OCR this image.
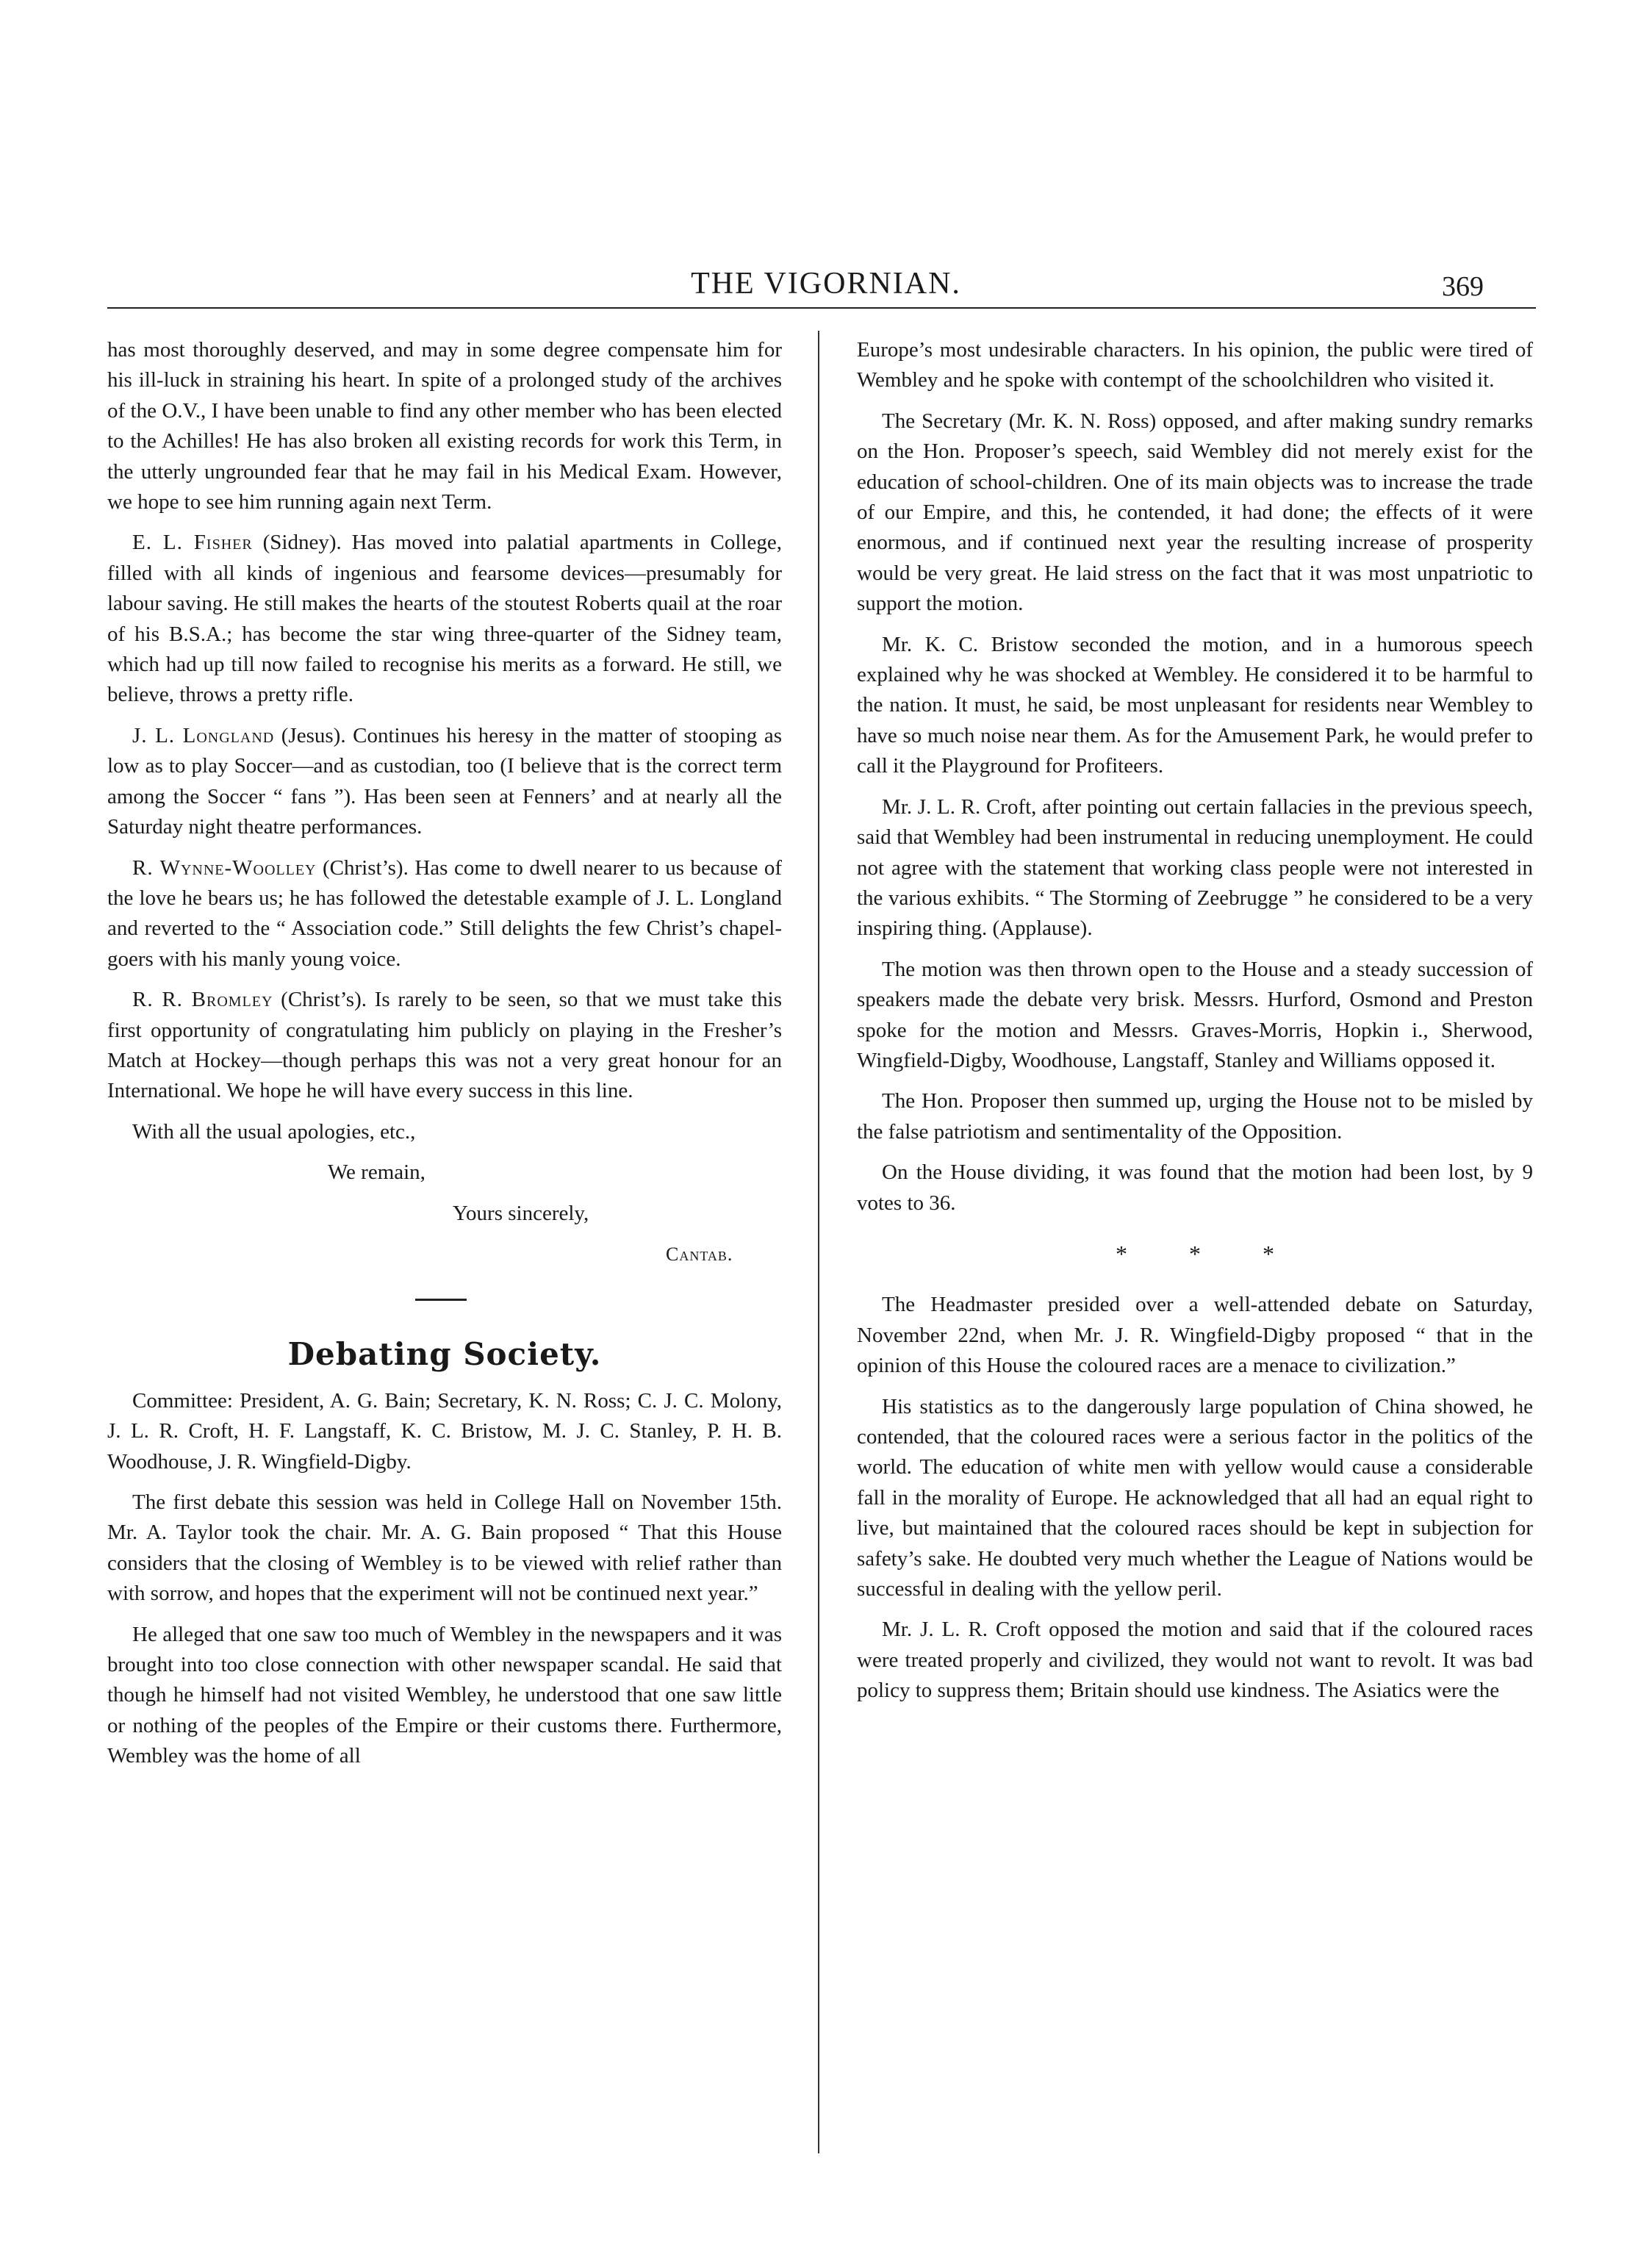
THE VIGORNIAN.	369

has most thoroughly deserved, and may in some degree compensate him for his ill-luck in straining his heart. In spite of a prolonged study of the archives of the O.V., I have been unable to find any other member who has been elected to the Achilles! He has also broken all existing records for work this Term, in the utterly ungrounded fear that he may fail in his Medical Exam. However, we hope to see him running again next Term.

E. L. Fisher (Sidney). Has moved into palatial apartments in College, filled with all kinds of ingenious and fearsome devices—presumably for labour saving. He still makes the hearts of the stoutest Roberts quail at the roar of his B.S.A.; has become the star wing three-quarter of the Sidney team, which had up till now failed to recognise his merits as a forward. He still, we believe, throws a pretty rifle.

J. L. Longland (Jesus). Continues his heresy in the matter of stooping as low as to play Soccer—and as custodian, too (I believe that is the correct term among the Soccer “ fans ”). Has been seen at Fenners’ and at nearly all the Saturday night theatre performances.

R. Wynne-Woolley (Christ’s). Has come to dwell nearer to us because of the love he bears us; he has followed the detestable example of J. L. Longland and reverted to the “ Association code.” Still delights the few Christ’s chapel-goers with his manly young voice.

R. R. Bromley (Christ’s). Is rarely to be seen, so that we must take this first opportunity of congratulating him publicly on playing in the Fresher’s Match at Hockey—though perhaps this was not a very great honour for an International. We hope he will have every success in this line.

With all the usual apologies, etc.,

We remain,

Yours sincerely,

Cantab.

Debating Society.

Committee: President, A. G. Bain; Secretary, K. N. Ross; C. J. C. Molony, J. L. R. Croft, H. F. Langstaff, K. C. Bristow, M. J. C. Stanley, P. H. B. Woodhouse, J. R. Wingfield-Digby.

The first debate this session was held in College Hall on November 15th. Mr. A. Taylor took the chair. Mr. A. G. Bain proposed “ That this House considers that the closing of Wembley is to be viewed with relief rather than with sorrow, and hopes that the experiment will not be continued next year.”

He alleged that one saw too much of Wembley in the newspapers and it was brought into too close connection with other newspaper scandal. He said that though he himself had not visited Wembley, he understood that one saw little or nothing of the peoples of the Empire or their customs there. Furthermore, Wembley was the home of all

Europe’s most undesirable characters. In his opinion, the public were tired of Wembley and he spoke with contempt of the schoolchildren who visited it.

The Secretary (Mr. K. N. Ross) opposed, and after making sundry remarks on the Hon. Proposer’s speech, said Wembley did not merely exist for the education of school-children. One of its main objects was to increase the trade of our Empire, and this, he contended, it had done; the effects of it were enormous, and if continued next year the resulting increase of prosperity would be very great. He laid stress on the fact that it was most unpatriotic to support the motion.

Mr. K. C. Bristow seconded the motion, and in a humorous speech explained why he was shocked at Wembley. He considered it to be harmful to the nation. It must, he said, be most unpleasant for residents near Wembley to have so much noise near them. As for the Amusement Park, he would prefer to call it the Playground for Profiteers.

Mr. J. L. R. Croft, after pointing out certain fallacies in the previous speech, said that Wembley had been instrumental in reducing unemployment. He could not agree with the statement that working class people were not interested in the various exhibits. “ The Storming of Zeebrugge ” he considered to be a very inspiring thing. (Applause).

The motion was then thrown open to the House and a steady succession of speakers made the debate very brisk. Messrs. Hurford, Osmond and Preston spoke for the motion and Messrs. Graves-Morris, Hopkin i., Sherwood, Wingfield-Digby, Woodhouse, Langstaff, Stanley and Williams opposed it.

The Hon. Proposer then summed up, urging the House not to be misled by the false patriotism and sentimentality of the Opposition.

On the House dividing, it was found that the motion had been lost, by 9 votes to 36.

* * *

The Headmaster presided over a well-attended debate on Saturday, November 22nd, when Mr. J. R. Wingfield-Digby proposed “ that in the opinion of this House the coloured races are a menace to civilization.”

His statistics as to the dangerously large population of China showed, he contended, that the coloured races were a serious factor in the politics of the world. The education of white men with yellow would cause a considerable fall in the morality of Europe. He acknowledged that all had an equal right to live, but maintained that the coloured races should be kept in subjection for safety’s sake. He doubted very much whether the League of Nations would be successful in dealing with the yellow peril.

Mr. J. L. R. Croft opposed the motion and said that if the coloured races were treated properly and civilized, they would not want to revolt. It was bad policy to suppress them; Britain should use kindness. The Asiatics were the
